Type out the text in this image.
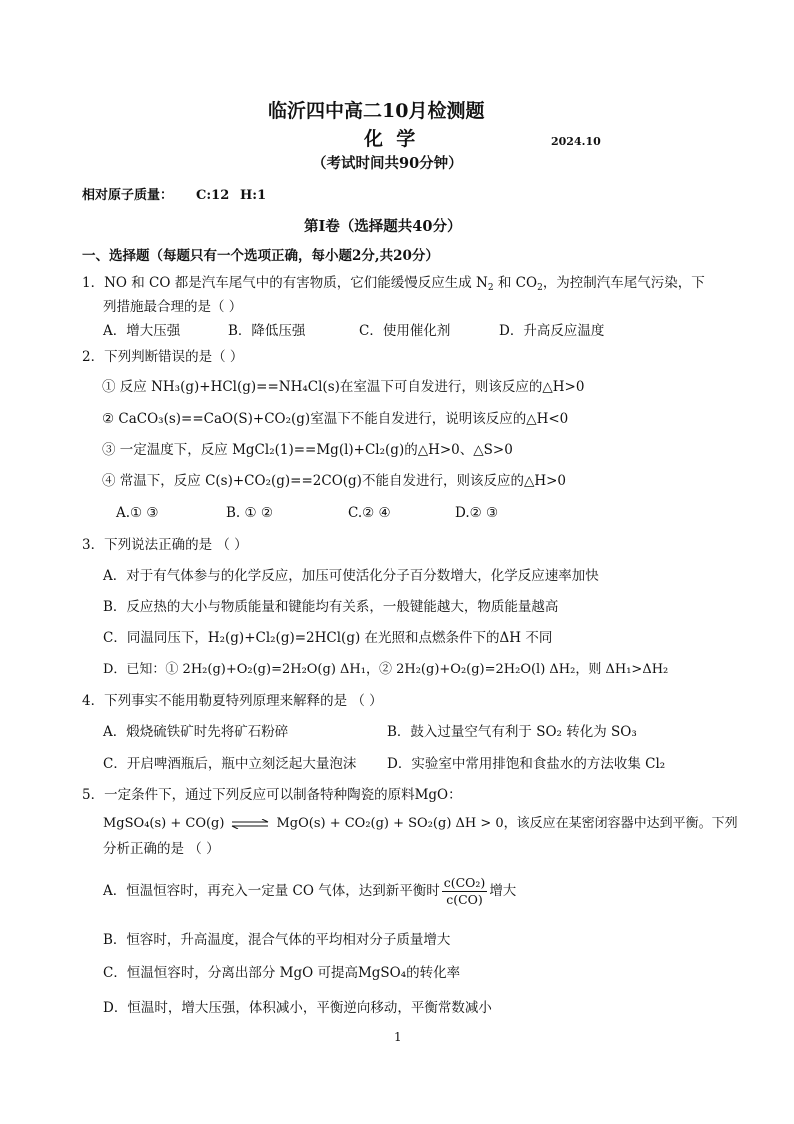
临沂四中高二10月检测题
化  学	2024.10
（考试时间共90分钟）
相对原子质量： C:12 H:1
第Ⅰ卷（选择题共40分）
一、选择题（每题只有一个选项正确，每小题2分,共20分）
1．NO 和 CO 都是汽车尾气中的有害物质，它们能缓慢反应生成 $N_2$ 和 $CO_2$，为控制汽车尾气污染，下
列措施最合理的是（ ）
A．增大压强	B．降低压强	C．使用催化剂	D．升高反应温度
2．下列判断错误的是（ ）
① 反应 NH₃(g)+HCl(g)==NH₄Cl(s)在室温下可自发进行，则该反应的△H>0
② CaCO₃(s)==CaO(S)+CO₂(g)室温下不能自发进行，说明该反应的△H<0
③ 一定温度下，反应 MgCl₂(1)==Mg(l)+Cl₂(g)的△H>0、△S>0
④ 常温下，反应 C(s)+CO₂(g)==2CO(g)不能自发进行，则该反应的△H>0
A.① ③	B. ① ②	C.② ④	D.② ③
3．下列说法正确的是 （ ）
A．对于有气体参与的化学反应，加压可使活化分子百分数增大，化学反应速率加快
B．反应热的大小与物质能量和键能均有关系，一般键能越大，物质能量越高
C．同温同压下，H₂(g)+Cl₂(g)=2HCl(g) 在光照和点燃条件下的ΔH 不同
D．已知：① 2H₂(g)+O₂(g)=2H₂O(g) ΔH₁，② 2H₂(g)+O₂(g)=2H₂O(l) ΔH₂，则 ΔH₁>ΔH₂
4．下列事实不能用勒夏特列原理来解释的是 （ ）
A．煅烧硫铁矿时先将矿石粉碎	B．鼓入过量空气有利于 SO₂ 转化为 SO₃
C．开启啤酒瓶后，瓶中立刻泛起大量泡沫 D．实验室中常用排饱和食盐水的方法收集 Cl₂
5．一定条件下，通过下列反应可以制备特种陶瓷的原料MgO：
MgSO₄(s) + CO(g) ⇌ MgO(s) + CO₂(g) + SO₂(g) ΔH > 0，该反应在某密闭容器中达到平衡。下列
分析正确的是 （ ）
A．恒温恒容时，再充入一定量 CO 气体，达到新平衡时 $\frac{\text{c(CO₂)}}{c(CO)}$ 增大
B．恒容时，升高温度，混合气体的平均相对分子质量增大
C．恒温恒容时，分离出部分 MgO 可提高MgSO₄的转化率
D．恒温时，增大压强，体积减小，平衡逆向移动，平衡常数减小
1
